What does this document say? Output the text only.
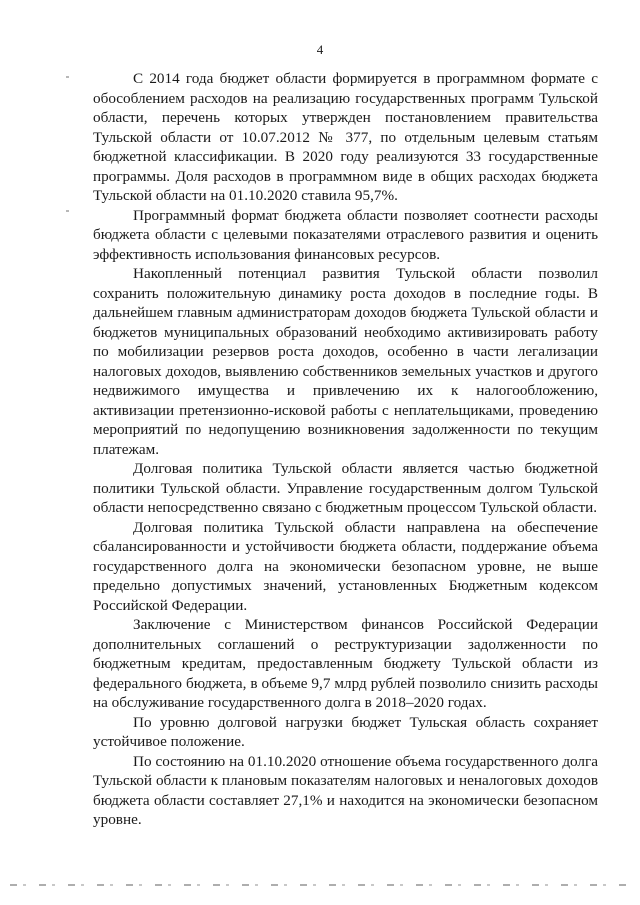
4

С 2014 года бюджет области формируется в программном формате с обособлением расходов на реализацию государственных программ Тульской области, перечень которых утвержден постановлением правительства Тульской области от 10.07.2012 № 377, по отдельным целевым статьям бюджетной классификации. В 2020 году реализуются 33 государственные программы. Доля расходов в программном виде в общих расходах бюджета Тульской области на 01.10.2020 ставила 95,7%.

Программный формат бюджета области позволяет соотнести расходы бюджета области с целевыми показателями отраслевого развития и оценить эффективность использования финансовых ресурсов.

Накопленный потенциал развития Тульской области позволил сохранить положительную динамику роста доходов в последние годы. В дальнейшем главным администраторам доходов бюджета Тульской области и бюджетов муниципальных образований необходимо активизировать работу по мобилизации резервов роста доходов, особенно в части легализации налоговых доходов, выявлению собственников земельных участков и другого недвижимого имущества и привлечению их к налогообложению, активизации претензионно-исковой работы с неплательщиками, проведению мероприятий по недопущению возникновения задолженности по текущим платежам.

Долговая политика Тульской области является частью бюджетной политики Тульской области. Управление государственным долгом Тульской области непосредственно связано с бюджетным процессом Тульской области.

Долговая политика Тульской области направлена на обеспечение сбалансированности и устойчивости бюджета области, поддержание объема государственного долга на экономически безопасном уровне, не выше предельно допустимых значений, установленных Бюджетным кодексом Российской Федерации.

Заключение с Министерством финансов Российской Федерации дополнительных соглашений о реструктуризации задолженности по бюджетным кредитам, предоставленным бюджету Тульской области из федерального бюджета, в объеме 9,7 млрд рублей позволило снизить расходы на обслуживание государственного долга в 2018–2020 годах.

По уровню долговой нагрузки бюджет Тульская область сохраняет устойчивое положение.

По состоянию на 01.10.2020 отношение объема государственного долга Тульской области к плановым показателям налоговых и неналоговых доходов бюджета области составляет 27,1% и находится на экономически безопасном уровне.
